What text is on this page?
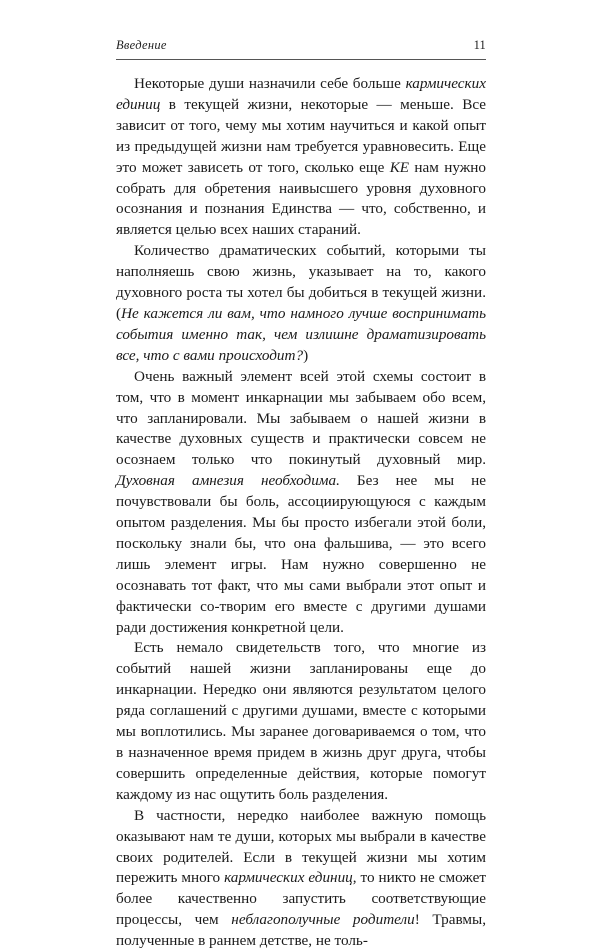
Введение	11

Некоторые души назначили себе больше кармических единиц в текущей жизни, некоторые — меньше. Все зависит от того, чему мы хотим научиться и какой опыт из предыдущей жизни нам требуется уравновесить. Еще это может зависеть от того, сколько еще КЕ нам нужно собрать для обретения наивысшего уровня духовного осознания и познания Единства — что, собственно, и является целью всех наших стараний.

Количество драматических событий, которыми ты наполняешь свою жизнь, указывает на то, какого духовного роста ты хотел бы добиться в текущей жизни. (Не кажется ли вам, что намного лучше воспринимать события именно так, чем излишне драматизировать все, что с вами происходит?)

Очень важный элемент всей этой схемы состоит в том, что в момент инкарнации мы забываем обо всем, что запланировали. Мы забываем о нашей жизни в качестве духовных существ и практически совсем не осознаем только что покинутый духовный мир. Духовная амнезия необходима. Без нее мы не почувствовали бы боль, ассоциирующуюся с каждым опытом разделения. Мы бы просто избегали этой боли, поскольку знали бы, что она фальшива, — это всего лишь элемент игры. Нам нужно совершенно не осознавать тот факт, что мы сами выбрали этот опыт и фактически со-творим его вместе с другими душами ради достижения конкретной цели.

Есть немало свидетельств того, что многие из событий нашей жизни запланированы еще до инкарнации. Нередко они являются результатом целого ряда соглашений с другими душами, вместе с которыми мы воплотились. Мы заранее договариваемся о том, что в назначенное время придем в жизнь друг друга, чтобы совершить определенные действия, которые помогут каждому из нас ощутить боль разделения.

В частности, нередко наиболее важную помощь оказывают нам те души, которых мы выбрали в качестве своих родителей. Если в текущей жизни мы хотим пережить много кармических единиц, то никто не сможет более качественно запустить соответствующие процессы, чем неблагополучные родители! Травмы, полученные в раннем детстве, не толь-
